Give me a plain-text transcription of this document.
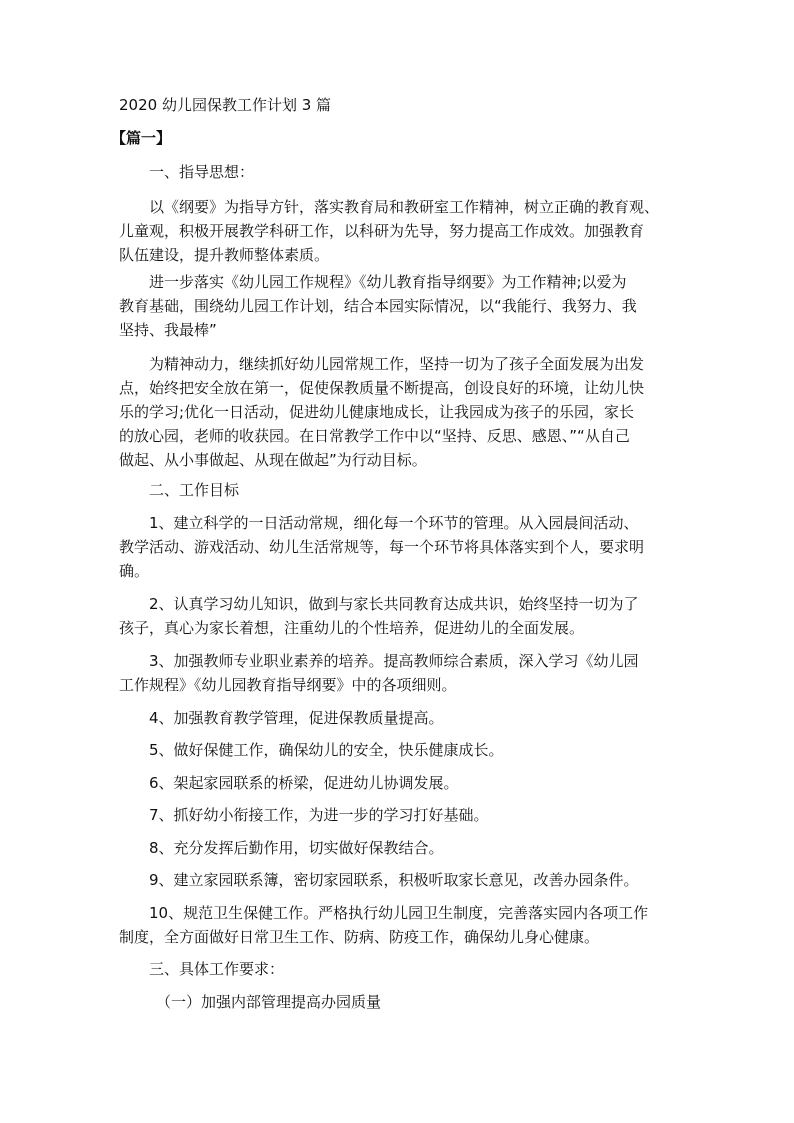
2020 幼儿园保教工作计划 3 篇
【篇一】
一、指导思想：
以《纲要》为指导方针，落实教育局和教研室工作精神，树立正确的教育观、
儿童观，积极开展教学科研工作，以科研为先导，努力提高工作成效。加强教育
队伍建设，提升教师整体素质。
进一步落实《幼儿园工作规程》《幼儿教育指导纲要》为工作精神;以爱为
教育基础，围绕幼儿园工作计划，结合本园实际情况，以“我能行、我努力、我
坚持、我最棒”
为精神动力，继续抓好幼儿园常规工作，坚持一切为了孩子全面发展为出发
点，始终把安全放在第一，促使保教质量不断提高，创设良好的环境，让幼儿快
乐的学习;优化一日活动，促进幼儿健康地成长，让我园成为孩子的乐园，家长
的放心园，老师的收获园。在日常教学工作中以“坚持、反思、感恩、”“从自己
做起、从小事做起、从现在做起”为行动目标。
二、工作目标
1、建立科学的一日活动常规，细化每一个环节的管理。从入园晨间活动、
教学活动、游戏活动、幼儿生活常规等，每一个环节将具体落实到个人，要求明
确。
2、认真学习幼儿知识，做到与家长共同教育达成共识，始终坚持一切为了
孩子，真心为家长着想，注重幼儿的个性培养，促进幼儿的全面发展。
3、加强教师专业职业素养的培养。提高教师综合素质，深入学习《幼儿园
工作规程》《幼儿园教育指导纲要》中的各项细则。
4、加强教育教学管理，促进保教质量提高。
5、做好保健工作，确保幼儿的安全，快乐健康成长。
6、架起家园联系的桥梁，促进幼儿协调发展。
7、抓好幼小衔接工作，为进一步的学习打好基础。
8、充分发挥后勤作用，切实做好保教结合。
9、建立家园联系簿，密切家园联系，积极听取家长意见，改善办园条件。
10、规范卫生保健工作。严格执行幼儿园卫生制度，完善落实园内各项工作
制度，全方面做好日常卫生工作、防病、防疫工作，确保幼儿身心健康。
三、具体工作要求：
（一）加强内部管理提高办园质量
